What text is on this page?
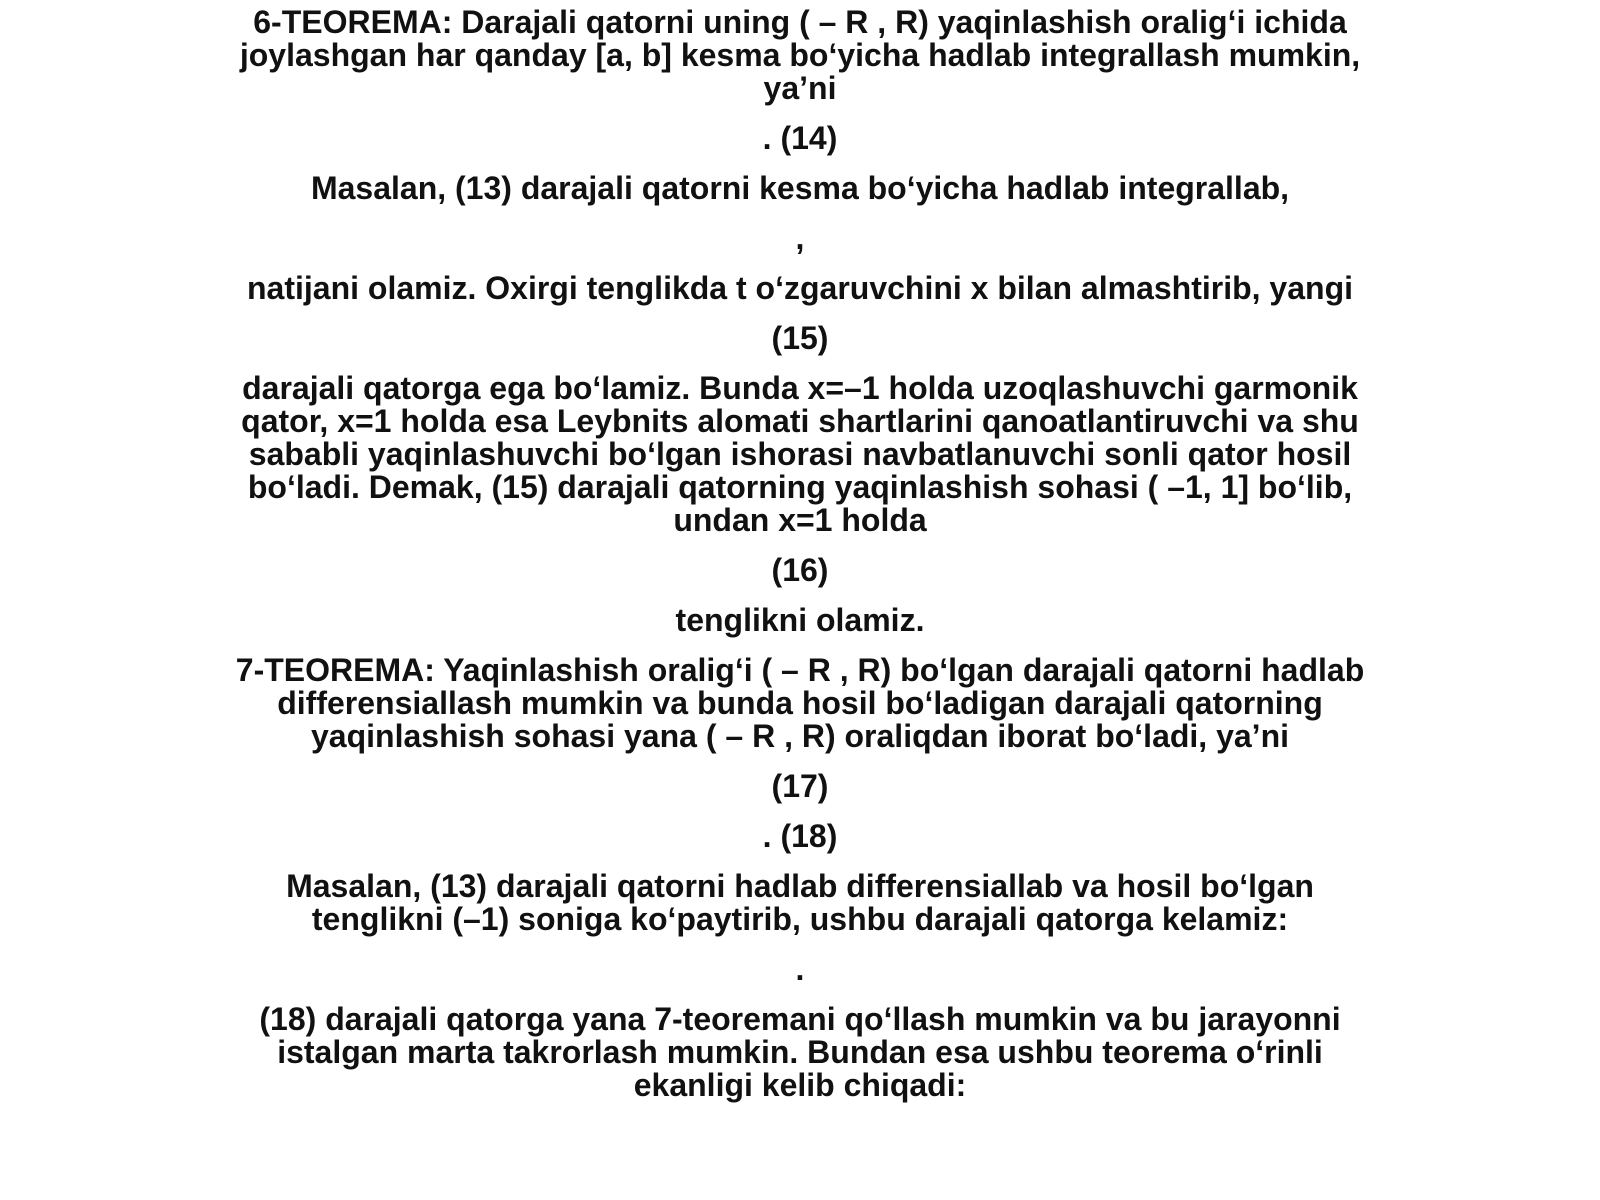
6-TEOREMA: Darajali qatorni uning ( – R , R) yaqinlashish oralig‘i ichida joylashgan har qanday [a, b] kesma bo‘yicha hadlab integrallash mumkin, ya’ni

. (14)

Masalan, (13) darajali qatorni kesma bo‘yicha hadlab integrallab,

,

natijani olamiz. Oxirgi tenglikda t o‘zgaruvchini x bilan almashtirib, yangi

(15)

darajali qatorga ega bo‘lamiz. Bunda x=–1 holda uzoqlashuvchi garmonik qator, x=1 holda esa Leybnits alomati shartlarini qanoatlantiruvchi va shu sababli yaqinlashuvchi bo‘lgan ishorasi navbatlanuvchi sonli qator hosil bo‘ladi. Demak, (15) darajali qatorning yaqinlashish sohasi ( –1, 1] bo‘lib, undan x=1 holda

(16)

tenglikni olamiz.

7-TEOREMA: Yaqinlashish oralig‘i ( – R , R) bo‘lgan darajali qatorni hadlab differensiallash mumkin va bunda hosil bo‘ladigan darajali qatorning yaqinlashish sohasi yana ( – R , R) oraliqdan iborat bo‘ladi, ya’ni

(17)

. (18)

Masalan, (13) darajali qatorni hadlab differensiallab va hosil bo‘lgan tenglikni (–1) soniga ko‘paytirib, ushbu darajali qatorga kelamiz:

.

(18) darajali qatorga yana 7-teoremani qo‘llash mumkin va bu jarayonni istalgan marta takrorlash mumkin. Bundan esa ushbu teorema o‘rinli ekanligi kelib chiqadi:
